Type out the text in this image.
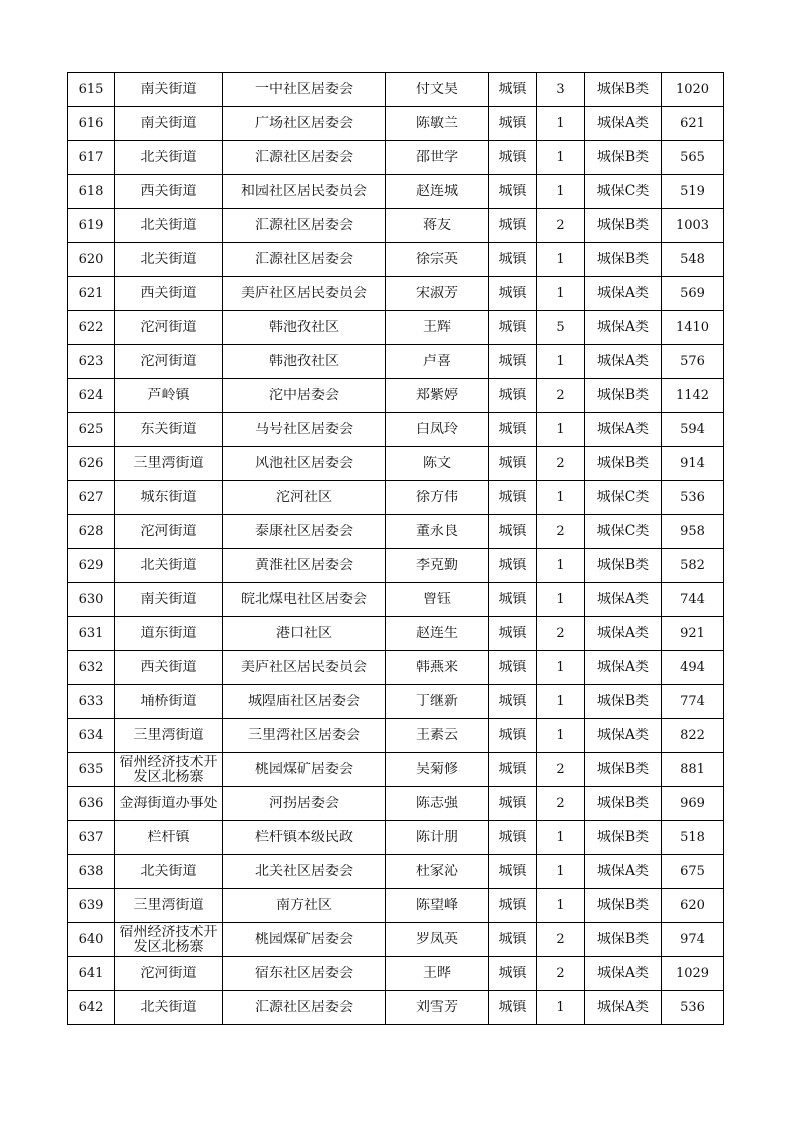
615	南关街道	一中社区居委会	付文昊	城镇	3	城保B类	1020

616	南关街道	广场社区居委会	陈敏兰	城镇	1	城保A类	621

617	北关街道	汇源社区居委会	邵世学	城镇	1	城保B类	565

618	西关街道	和园社区居民委员会	赵连城	城镇	1	城保C类	519

619	北关街道	汇源社区居委会	蒋友	城镇	2	城保B类	1003

620	北关街道	汇源社区居委会	徐宗英	城镇	1	城保B类	548

621	西关街道	美庐社区居民委员会	宋淑芳	城镇	1	城保A类	569

622	沱河街道	韩池孜社区	王辉	城镇	5	城保A类	1410

623	沱河街道	韩池孜社区	卢喜	城镇	1	城保A类	576

624	芦岭镇	沱中居委会	郑紫婷	城镇	2	城保B类	1142

625	东关街道	马号社区居委会	白凤玲	城镇	1	城保A类	594

626	三里湾街道	风池社区居委会	陈文	城镇	2	城保B类	914

627	城东街道	沱河社区	徐方伟	城镇	1	城保C类	536

628	沱河街道	泰康社区居委会	董永良	城镇	2	城保C类	958

629	北关街道	黄淮社区居委会	李克勤	城镇	1	城保B类	582

630	南关街道	皖北煤电社区居委会	曾钰	城镇	1	城保A类	744

631	道东街道	港口社区	赵连生	城镇	2	城保A类	921

632	西关街道	美庐社区居民委员会	韩燕来	城镇	1	城保A类	494

633	埇桥街道	城隍庙社区居委会	丁继新	城镇	1	城保B类	774

634	三里湾街道	三里湾社区居委会	王素云	城镇	1	城保A类	822

635	宿州经济技术开发区北杨寨	桃园煤矿居委会	吴菊修	城镇	2	城保B类	881

636	金海街道办事处	河拐居委会	陈志强	城镇	2	城保B类	969

637	栏杆镇	栏杆镇本级民政	陈计朋	城镇	1	城保B类	518

638	北关街道	北关社区居委会	杜家沁	城镇	1	城保A类	675

639	三里湾街道	南方社区	陈望峰	城镇	1	城保B类	620

640	宿州经济技术开发区北杨寨	桃园煤矿居委会	罗凤英	城镇	2	城保B类	974

641	沱河街道	宿东社区居委会	王晔	城镇	2	城保A类	1029

642	北关街道	汇源社区居委会	刘雪芳	城镇	1	城保A类	536
